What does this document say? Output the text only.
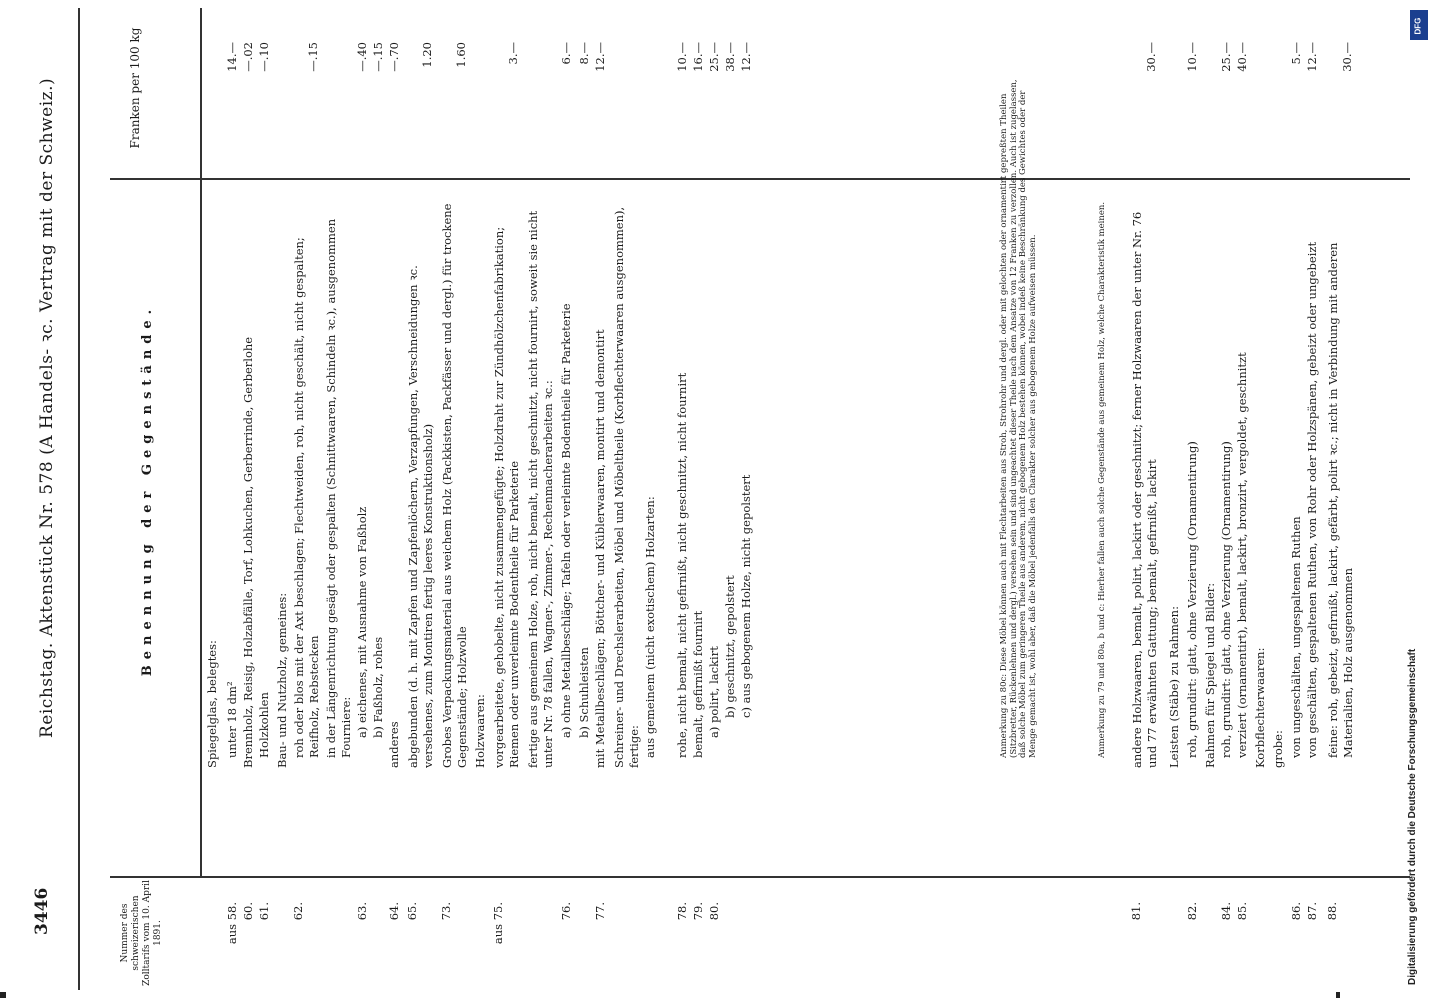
3446
Reichstag. Aktenstück Nr. 578 (A Handels- ꝛc. Vertrag mit der Schweiz.)
Nummer des schweizerischen Zolltarifs vom 10. April 1891.
Benennung der Gegenstände.
Franken per 100 kg
Spiegelglas, belegtes:
aus 58.
unter 18 dm²
14.—
60.
Brennholz, Reisig, Holzabfälle, Torf, Lohkuchen, Gerberrinde, Gerberlohe
—.02
61.
Holzkohlen
—.10
Bau- und Nutzholz, gemeines:
62.
roh oder blos mit der Axt beschlagen; Flechtweiden, roh, nicht geschält, nicht gespalten; Reifholz, Rebstecken
—.15
in der Längenrichtung gesägt oder gespalten (Schnittwaaren, Schindeln ꝛc.), ausgenommen Fourniere:
63.
a) eichenes, mit Ausnahme von Faßholz
—.40
b) Faßholz, rohes
—.15
64.
anderes
—.70
65.
abgebunden (d. h. mit Zapfen und Zapfenlöchern, Verzapfungen, Verschneidungen ꝛc. versehenes, zum Montiren fertig leeres Konstruktionsholz)
1.20
73.
Grobes Verpackungsmaterial aus weichem Holz (Packkisten, Packfässer und dergl.) für trockene Gegenstände; Holzwolle
1.60
Holzwaaren:
aus 75.
vorgearbeitete, gehobelte, nicht zusammengefügte; Holzdraht zur Zündhölzchenfabrikation; Riemen oder unverleimte Bodentheile für Parketerie
3.—
fertige aus gemeinem Holze, roh, nicht bemalt, nicht geschnitzt, nicht fournirt, soweit sie nicht unter Nr. 78 fallen, Wagner-, Zimmer-, Rechenmacherarbeiten ꝛc.:
76.
a) ohne Metallbeschläge; Tafeln oder verleimte Bodentheile für Parketerie
6.—
b) Schuhleisten
8.—
77.
mit Metallbeschlägen; Böttcher- und Küblerwaaren, montirt und demontirt
12.—
Schreiner- und Drechslerarbeiten, Möbel und Möbeltheile (Korbflechterwaaren ausgenommen), fertige: aus gemeinem (nicht exotischem) Holzarten:
78.
rohe, nicht bemalt, nicht gefirnißt, nicht geschnitzt, nicht fournirt
10.—
79.
bemalt, gefirnißt fournirt
16.—
80.
a) polirt, lackirt
25.—
b) geschnitzt, gepolstert
38.—
c) aus gebogenem Holze, nicht gepolstert
12.—
81.
andere Holzwaaren, bemalt, polirt, lackirt oder geschnitzt; ferner Holzwaaren der unter Nr. 76 und 77 erwähnten Gattung; bemalt, gefirnißt, lackirt
30.—
Leisten (Stäbe) zu Rahmen:
82.
roh, grundirt: glatt, ohne Verzierung (Ornamentirung)
10.—
Rahmen für Spiegel und Bilder:
84.
roh, grundirt: glatt, ohne Verzierung (Ornamentirung)
25.—
85.
verziert (ornamentirt), bemalt, lackirt, bronzirt, vergoldet, geschnitzt
40.—
Korbflechterwaaren: grobe:
86.
von ungeschälten, ungespaltenen Ruthen
5.—
87.
von geschälten, gespaltenen Ruthen, von Rohr oder Holzspänen, gebeizt oder ungebeizt
12.—
88.
feine: roh, gebeizt, gefirnißt, lackirt, gefärbt, polirt ꝛc.; nicht in Verbindung mit anderen Materialien, Holz ausgenommen
30.—
Anmerkung zu 80c: Diese Möbel können auch mit Flechtarbeiten aus Stroh, Strohrohr und dergl. oder mit gelochten oder ornamentirt gepreßten Theilen (Sitzbretter, Rückenlehnen und dergl.) versehen sein und sind ungeachtet dieser Theile nach dem Ansatze von 12 Franken zu verzollen. Auch ist zugelassen, daß solche Möbel zum geringeren Theile aus anderem, nicht gebogenem Holz bestehen können, wobei indeß keine Beschränkung des Gewichtes oder der Menge gemacht ist, wohl aber, daß die Möbel jedenfalls den Charakter solcher aus gebogenem Holze aufweisen müssen.	Anmerkung zu 79 und 80a, b und c: Hierher fallen auch solche Gegenstände aus gemeinem Holz, welche Charakteristik meinen.
Digitalisierung gefördert durch die Deutsche Forschungsgemeinschaft
DFG
